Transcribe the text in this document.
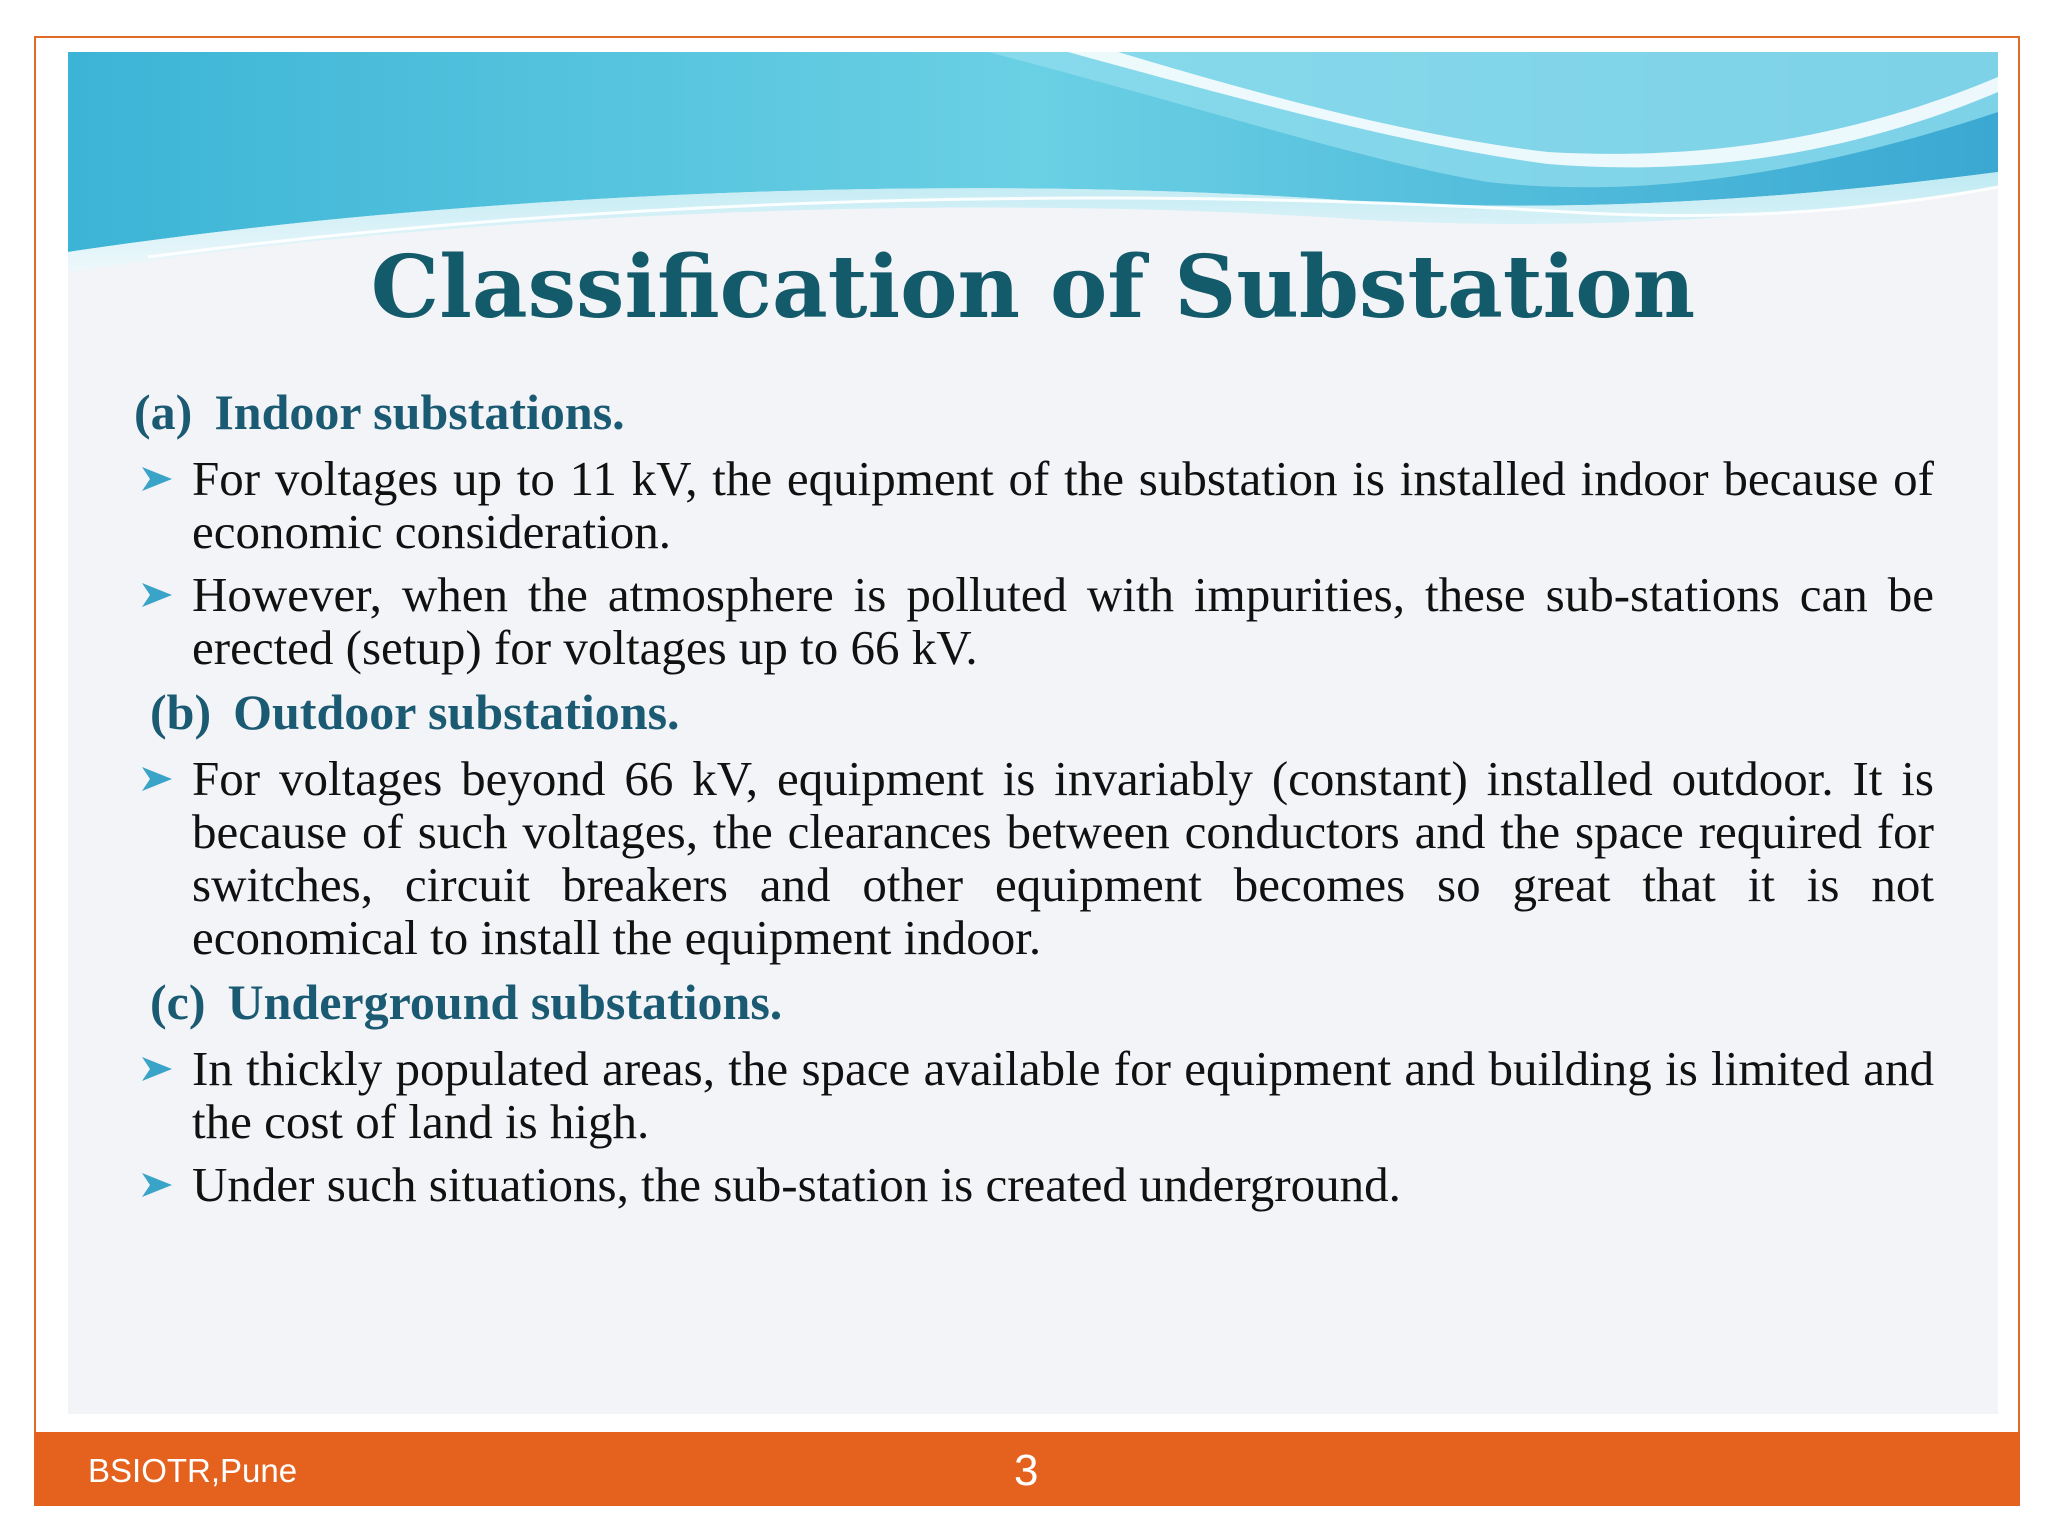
Classification of Substation
(a) Indoor substations.
For voltages up to 11 kV, the equipment of the substation is installed indoor because of economic consideration.
However, when the atmosphere is polluted with impurities, these sub-stations can be erected (setup) for voltages up to 66 kV.
(b) Outdoor substations.
For voltages beyond 66 kV, equipment is invariably (constant) installed outdoor. It is because of such voltages, the clearances between conductors and the space required for switches, circuit breakers and other equipment becomes so great that it is not economical to install the equipment indoor.
(c) Underground substations.
In thickly populated areas, the space available for equipment and building is limited and the cost of land is high.
Under such situations, the sub-station is created underground.
BSIOTR,Pune	3
